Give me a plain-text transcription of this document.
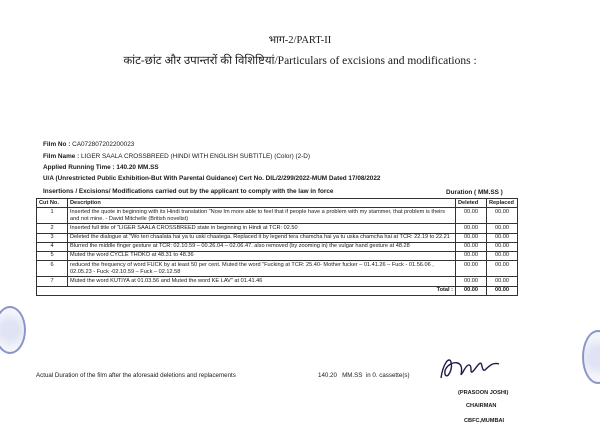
भाग-2/PART-II
कांट-छांट और उपान्तरों की विशिष्टियां/Particulars of excisions and modifications :
Film No : CA072807202200023
Film Name : LIGER SAALA CROSSBREED (HINDI WITH ENGLISH SUBTITLE) (Color) (2-D)
Applied Running Time : 140.20 MM.SS
U/A (Unrestricted Public Exhibition-But With Parental Guidance) Cert No. DIL/2/299/2022-MUM Dated 17/08/2022
Insertions / Excisions/ Modifications carried out by the applicant to comply with the law in force	Duration ( MM.SS )
Cut No.	Description	Deleted	Replaced
1	Inserted the quote in beginning with its Hindi translation "Now Im more able to feel that if people have a problem with my stammer, that problem is theirs and not mine. - David Mitchelle (British novelist)	00.00	00.00
2	Inserted full title of "LIGER SAALA CROSSBREED state in beginning in Hindi at TCR: 02.50	00.00	00.00
3	Deleted the dialogue at "Wo teri chaalata hai ya tu uski chaatega. Replaced it by legend tera chamcha hai ya tu uska chamcha hai at TCR: 22.19 to 22.21	00.00	00.00
4	Blurred the middle finger gesture at TCR: 02.10.59 – 00.26.04 – 02.06.47. also removed (by zooming in) the vulgar hand gesture at 48.28	00.00	00.00
5	Muted the word CYCLE THOKO at 48.31 to 48.36	00.00	00.00
6	reduced the frequency of word FUCK by at least 50 per cent. Muted the word "Fucking at TCR: 25.40- Mother fucker – 01.41.26 – Fuck - 01.56.06 , 02.05.23 - Fuck -02.10.59 – Fuck – 02.12.58	00.00	00.00
7	Muted the word KUTIYA at 01.03.56 and Muted the word KE LAV" at 01.41.46	00.00	00.00
Total :		00.00	00.00
Actual Duration of the film after the aforesaid deletions and replacements	140.20 MM.SS in 0. cassette(s)
(PRASOON JOSHI)
CHAIRMAN
CBFC,MUMBAI
